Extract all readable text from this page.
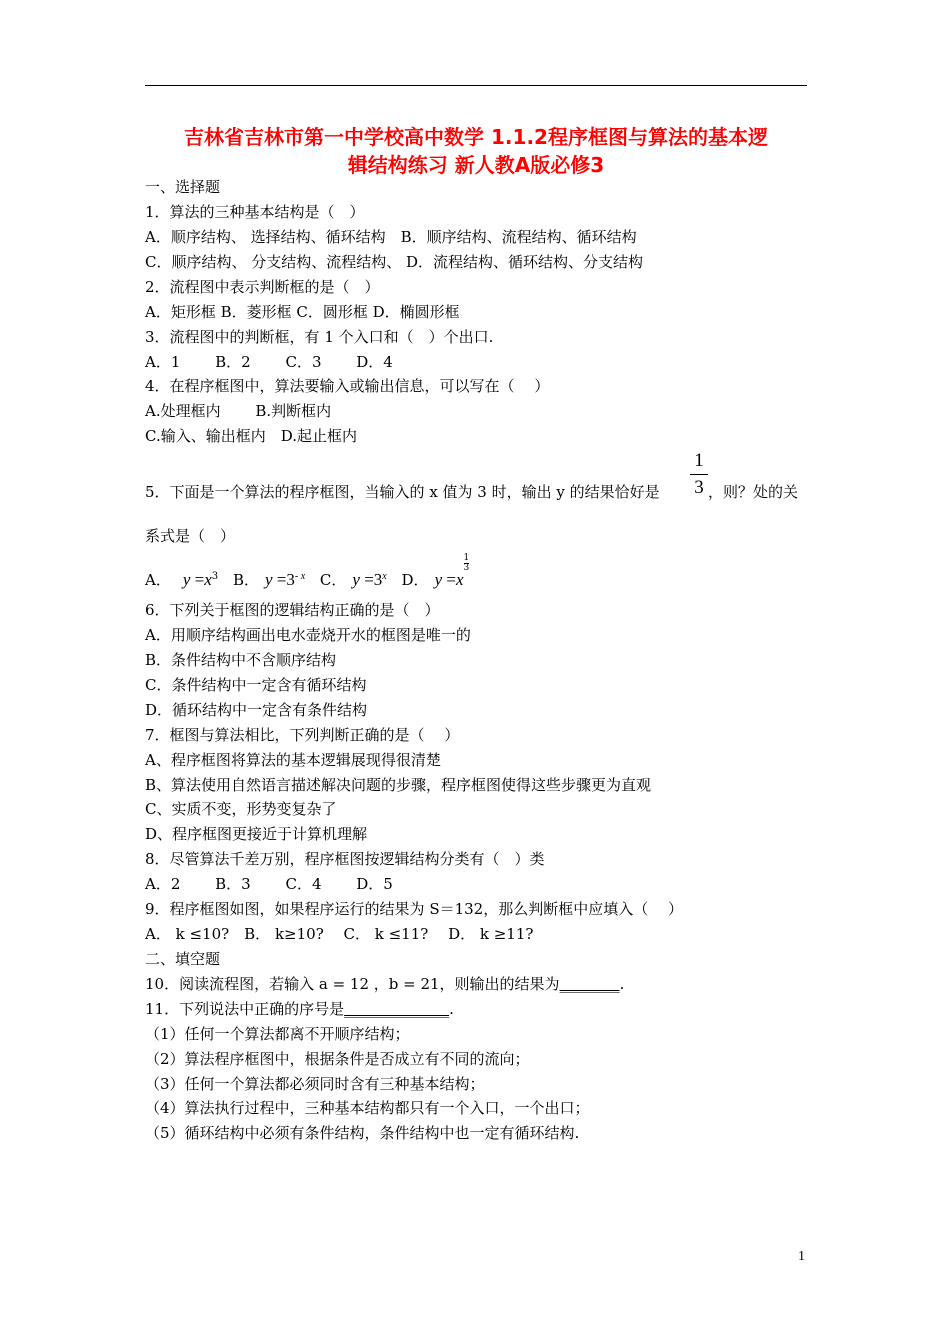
吉林省吉林市第一中学校高中数学 1.1.2程序框图与算法的基本逻
辑结构练习 新人教A版必修3
一、选择题
1．算法的三种基本结构是（　）
A．顺序结构、 选择结构、循环结构　B．顺序结构、流程结构、循环结构
C．顺序结构、 分支结构、流程结构、 D．流程结构、循环结构、分支结构
2．流程图中表示判断框的是（　）
A．矩形框 B．菱形框 C．圆形框 D．椭圆形框
3．流程图中的判断框，有 1 个入口和（　）个出口.
A．1　　 B．2　　 C．3　　 D．4
4．在程序框图中，算法要输入或输出信息，可以写在（　 ）
A.处理框内　　 B.判断框内
C.输入、输出框内　D.起止框内
5．下面是一个算法的程序框图，当输入的 x 值为 3 时，输出 y 的结果恰好是
1
3 ，则？处的关
系式是（　）
A． $y =x^3$ B． $y =3^{- x}$ C． $y =3^x$ D． y =x
$\frac{1}{3}$
6．下列关于框图的逻辑结构正确的是（　）
A．用顺序结构画出电水壶烧开水的框图是唯一的
B．条件结构中不含顺序结构
C．条件结构中一定含有循环结构
D．循环结构中一定含有条件结构
7．框图与算法相比，下列判断正确的是（　 ）
A、程序框图将算法的基本逻辑展现得很清楚
B、算法使用自然语言描述解决问题的步骤，程序框图使得这些步骤更为直观
C、实质不变，形势变复杂了
D、程序框图更接近于计算机理解
8．尽管算法千差万别，程序框图按逻辑结构分类有（　）类
A．2　　 B．3　　 C．4　　 D．5
9．程序框图如图，如果程序运行的结果为 S＝132，那么判断框中应填入（　 ）
A． k ≤10?　B． k≥10?　 C． k ≤11?　 D． k ≥11?
二、填空题
10．阅读流程图，若输入 a = 12 ，b = 21，则输出的结果为________.
11．下列说法中正确的序号是______________.
（1）任何一个算法都离不开顺序结构；
（2）算法程序框图中，根据条件是否成立有不同的流向；
（3）任何一个算法都必须同时含有三种基本结构；
（4）算法执行过程中，三种基本结构都只有一个入口，一个出口；
（5）循环结构中必须有条件结构，条件结构中也一定有循环结构.
1
